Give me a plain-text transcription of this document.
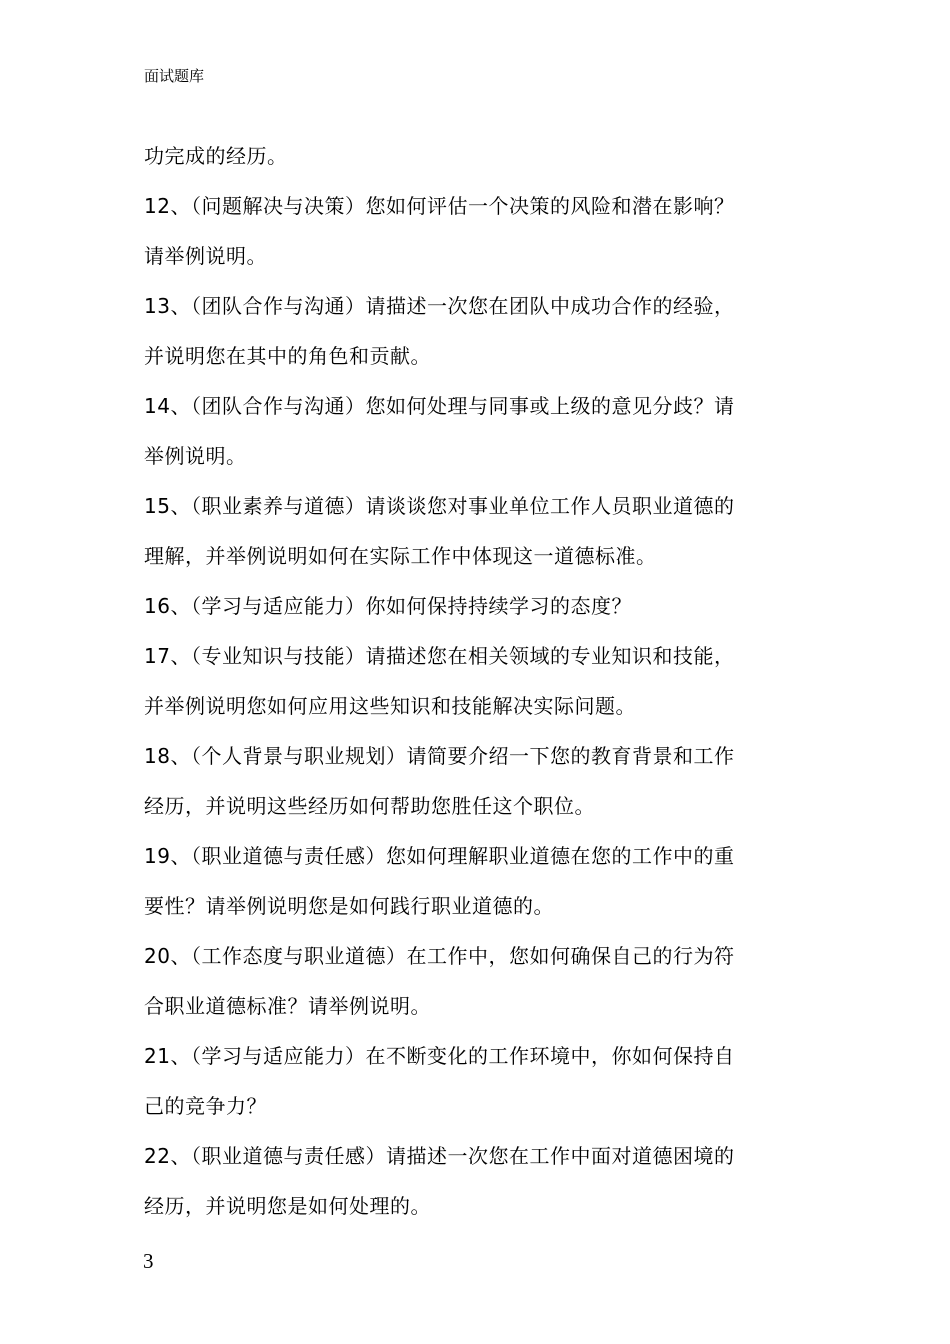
面试题库

功完成的经历。

12、（问题解决与决策）您如何评估一个决策的风险和潜在影响？

请举例说明。

13、（团队合作与沟通）请描述一次您在团队中成功合作的经验，

并说明您在其中的角色和贡献。

14、（团队合作与沟通）您如何处理与同事或上级的意见分歧？请

举例说明。

15、（职业素养与道德）请谈谈您对事业单位工作人员职业道德的

理解，并举例说明如何在实际工作中体现这一道德标准。

16、（学习与适应能力）你如何保持持续学习的态度？

17、（专业知识与技能）请描述您在相关领域的专业知识和技能，

并举例说明您如何应用这些知识和技能解决实际问题。

18、（个人背景与职业规划）请简要介绍一下您的教育背景和工作

经历，并说明这些经历如何帮助您胜任这个职位。

19、（职业道德与责任感）您如何理解职业道德在您的工作中的重

要性？请举例说明您是如何践行职业道德的。

20、（工作态度与职业道德）在工作中，您如何确保自己的行为符

合职业道德标准？请举例说明。

21、（学习与适应能力）在不断变化的工作环境中，你如何保持自

己的竞争力？

22、（职业道德与责任感）请描述一次您在工作中面对道德困境的

经历，并说明您是如何处理的。

3
